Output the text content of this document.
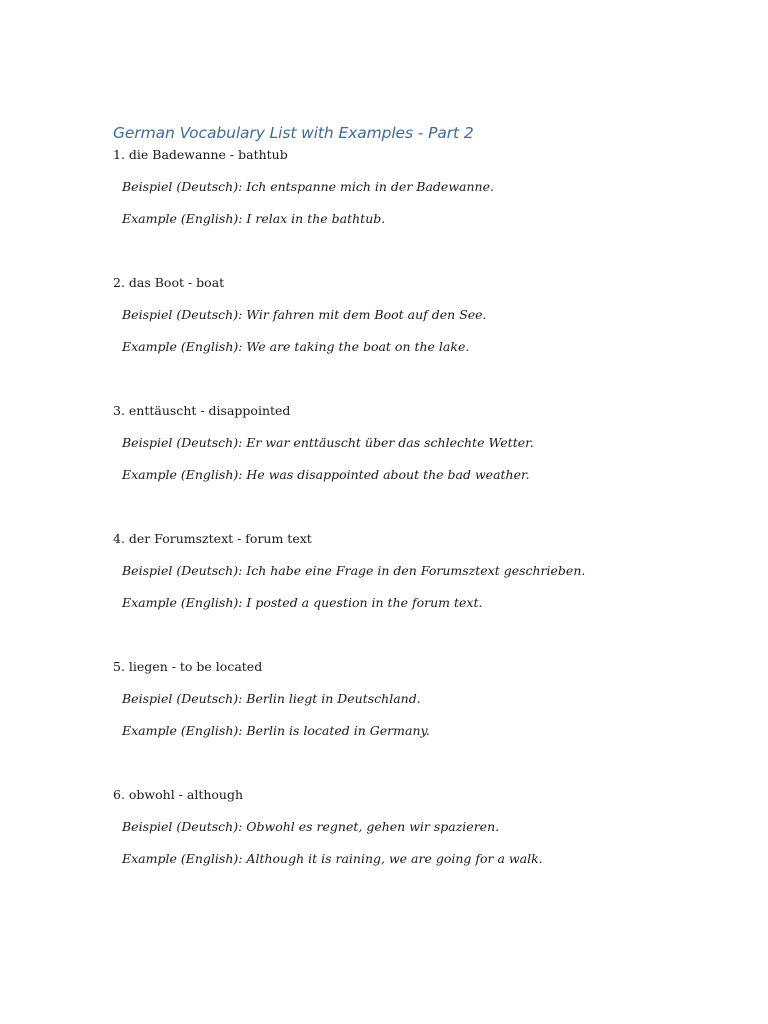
German Vocabulary List with Examples - Part 2
1. die Badewanne - bathtub
Beispiel (Deutsch): Ich entspanne mich in der Badewanne.
Example (English): I relax in the bathtub.
2. das Boot - boat
Beispiel (Deutsch): Wir fahren mit dem Boot auf den See.
Example (English): We are taking the boat on the lake.
3. enttäuscht - disappointed
Beispiel (Deutsch): Er war enttäuscht über das schlechte Wetter.
Example (English): He was disappointed about the bad weather.
4. der Forumsztext - forum text
Beispiel (Deutsch): Ich habe eine Frage in den Forumsztext geschrieben.
Example (English): I posted a question in the forum text.
5. liegen - to be located
Beispiel (Deutsch): Berlin liegt in Deutschland.
Example (English): Berlin is located in Germany.
6. obwohl - although
Beispiel (Deutsch): Obwohl es regnet, gehen wir spazieren.
Example (English): Although it is raining, we are going for a walk.
